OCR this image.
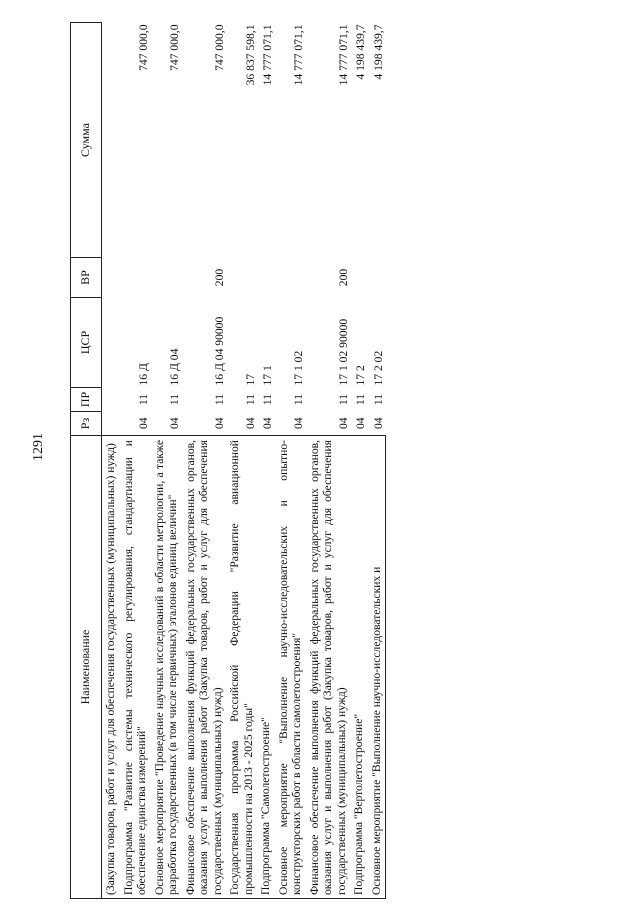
1291
Наименование	Рз	ПР	ЦСР	ВР	Сумма
(Закупка товаров, работ и услуг для обеспечения государственных (муниципальных) нужд)					
Подпрограмма "Развитие системы технического регулирования, стандартизации и обеспечение единства измерений"	04	11	16 Д		747 000,0
Основное мероприятие "Проведение научных исследований в области метрологии, а также разработка государственных (в том числе первичных) эталонов единиц величин"	04	11	16 Д 04		747 000,0
Финансовое обеспечение выполнения функций федеральных государственных органов, оказания услуг и выполнения работ (Закупка товаров, работ и услуг для обеспечения государственных (муниципальных) нужд)	04	11	16 Д 04 90000	200	747 000,0
Государственная программа Российской Федерации "Развитие авиационной промышленности на 2013 - 2025 годы"	04	11	17		36 837 598,1
Подпрограмма "Самолетостроение"	04	11	17 1		14 777 071,1
Основное мероприятие "Выполнение научно-исследовательских и опытно-конструкторских работ в области самолетостроения"	04	11	17 1 02		14 777 071,1
Финансовое обеспечение выполнения функций федеральных государственных органов, оказания услуг и выполнения работ (Закупка товаров, работ и услуг для обеспечения государственных (муниципальных) нужд)	04	11	17 1 02 90000	200	14 777 071,1
Подпрограмма "Вертолетостроение"	04	11	17 2		4 198 439,7
Основное мероприятие "Выполнение научно-исследовательских и	04	11	17 2 02		4 198 439,7
